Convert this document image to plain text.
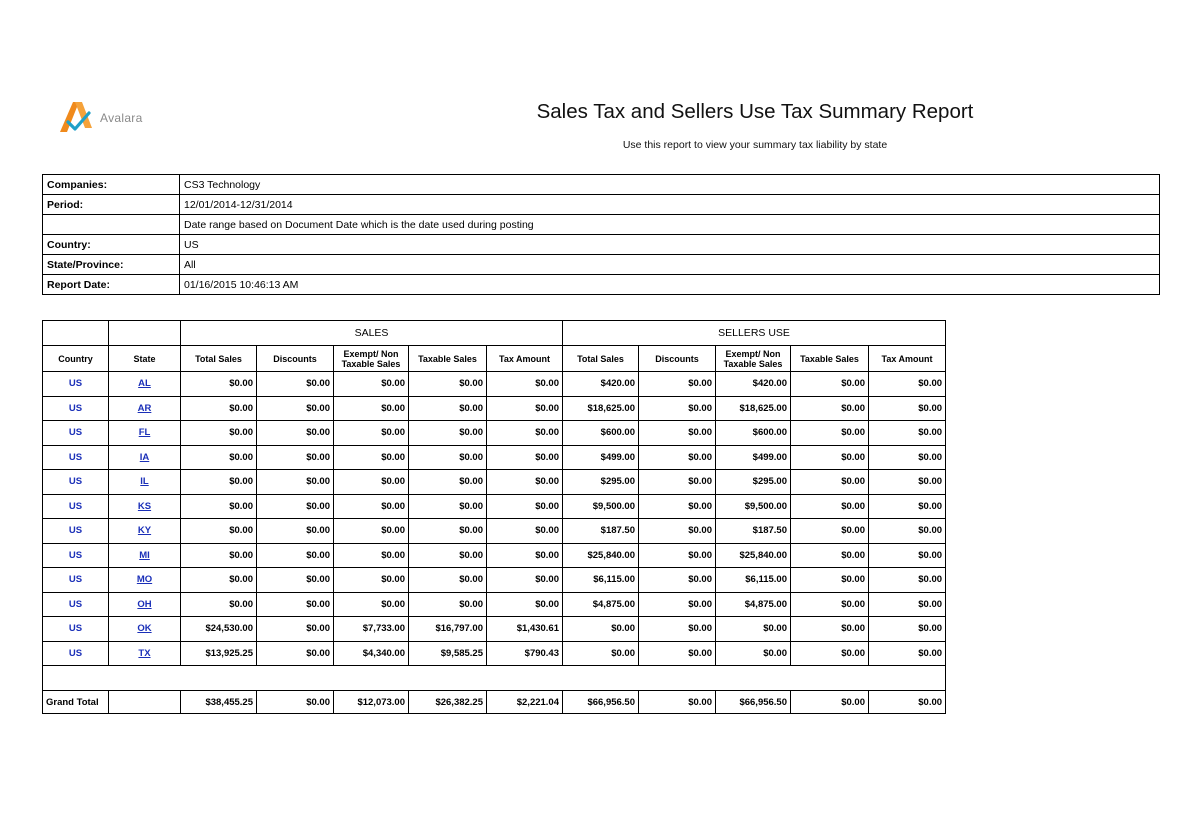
Avalara	Sales Tax and Sellers Use Tax Summary Report
Use this report to view your summary tax liability by state
Companies:	CS3 Technology
Period:	12/01/2014-12/31/2014
	Date range based on Document Date which is the date used during posting
Country:	US
State/Province:	All
Report Date:	01/16/2015 10:46:13 AM
		SALES					SELLERS USE				
Country	State	Total Sales	Discounts	Exempt/ Non Taxable Sales	Taxable Sales	Tax Amount	Total Sales	Discounts	Exempt/ Non Taxable Sales	Taxable Sales	Tax Amount
US	AL	$0.00	$0.00	$0.00	$0.00	$0.00	$420.00	$0.00	$420.00	$0.00	$0.00
US	AR	$0.00	$0.00	$0.00	$0.00	$0.00	$18,625.00	$0.00	$18,625.00	$0.00	$0.00
US	FL	$0.00	$0.00	$0.00	$0.00	$0.00	$600.00	$0.00	$600.00	$0.00	$0.00
US	IA	$0.00	$0.00	$0.00	$0.00	$0.00	$499.00	$0.00	$499.00	$0.00	$0.00
US	IL	$0.00	$0.00	$0.00	$0.00	$0.00	$295.00	$0.00	$295.00	$0.00	$0.00
US	KS	$0.00	$0.00	$0.00	$0.00	$0.00	$9,500.00	$0.00	$9,500.00	$0.00	$0.00
US	KY	$0.00	$0.00	$0.00	$0.00	$0.00	$187.50	$0.00	$187.50	$0.00	$0.00
US	MI	$0.00	$0.00	$0.00	$0.00	$0.00	$25,840.00	$0.00	$25,840.00	$0.00	$0.00
US	MO	$0.00	$0.00	$0.00	$0.00	$0.00	$6,115.00	$0.00	$6,115.00	$0.00	$0.00
US	OH	$0.00	$0.00	$0.00	$0.00	$0.00	$4,875.00	$0.00	$4,875.00	$0.00	$0.00
US	OK	$24,530.00	$0.00	$7,733.00	$16,797.00	$1,430.61	$0.00	$0.00	$0.00	$0.00	$0.00
US	TX	$13,925.25	$0.00	$4,340.00	$9,585.25	$790.43	$0.00	$0.00	$0.00	$0.00	$0.00

Grand Total		$38,455.25	$0.00	$12,073.00	$26,382.25	$2,221.04	$66,956.50	$0.00	$66,956.50	$0.00	$0.00
